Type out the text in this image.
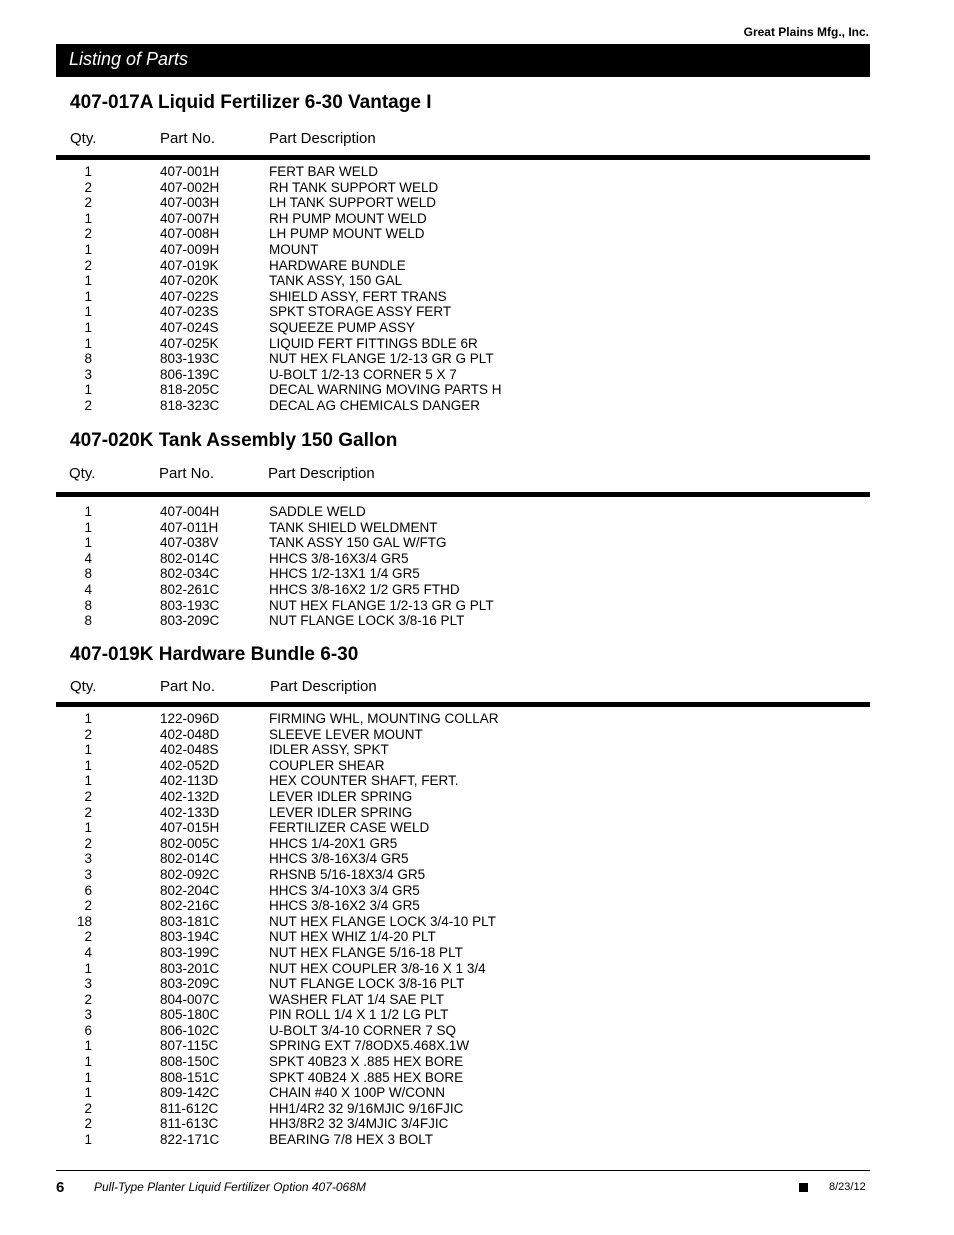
Great Plains Mfg., Inc.
Listing of Parts
407-017A Liquid Fertilizer 6-30 Vantage I
Qty.	Part No.	Part Description
1	407-001H	FERT BAR WELD
2	407-002H	RH TANK SUPPORT WELD
2	407-003H	LH TANK SUPPORT WELD
1	407-007H	RH PUMP MOUNT WELD
2	407-008H	LH PUMP MOUNT WELD
1	407-009H	MOUNT
2	407-019K	HARDWARE BUNDLE
1	407-020K	TANK ASSY, 150 GAL
1	407-022S	SHIELD ASSY, FERT TRANS
1	407-023S	SPKT STORAGE ASSY FERT
1	407-024S	SQUEEZE PUMP ASSY
1	407-025K	LIQUID FERT FITTINGS BDLE 6R
8	803-193C	NUT HEX FLANGE 1/2-13 GR G PLT
3	806-139C	U-BOLT 1/2-13 CORNER 5 X 7
1	818-205C	DECAL WARNING MOVING PARTS H
2	818-323C	DECAL AG CHEMICALS DANGER
407-020K Tank Assembly 150 Gallon
Qty.	Part No.	Part Description
1	407-004H	SADDLE WELD
1	407-011H	TANK SHIELD WELDMENT
1	407-038V	TANK ASSY 150 GAL W/FTG
4	802-014C	HHCS 3/8-16X3/4 GR5
8	802-034C	HHCS 1/2-13X1 1/4 GR5
4	802-261C	HHCS 3/8-16X2 1/2 GR5 FTHD
8	803-193C	NUT HEX FLANGE 1/2-13 GR G PLT
8	803-209C	NUT FLANGE LOCK 3/8-16 PLT
407-019K Hardware Bundle 6-30
Qty.	Part No.	Part Description
1	122-096D	FIRMING WHL, MOUNTING COLLAR
2	402-048D	SLEEVE LEVER MOUNT
1	402-048S	IDLER ASSY, SPKT
1	402-052D	COUPLER SHEAR
1	402-113D	HEX COUNTER SHAFT, FERT.
2	402-132D	LEVER IDLER SPRING
2	402-133D	LEVER IDLER SPRING
1	407-015H	FERTILIZER CASE WELD
2	802-005C	HHCS 1/4-20X1 GR5
3	802-014C	HHCS 3/8-16X3/4 GR5
3	802-092C	RHSNB 5/16-18X3/4 GR5
6	802-204C	HHCS 3/4-10X3 3/4 GR5
2	802-216C	HHCS 3/8-16X2 3/4 GR5
18	803-181C	NUT HEX FLANGE LOCK 3/4-10 PLT
2	803-194C	NUT HEX WHIZ 1/4-20 PLT
4	803-199C	NUT HEX FLANGE 5/16-18 PLT
1	803-201C	NUT HEX COUPLER 3/8-16 X 1 3/4
3	803-209C	NUT FLANGE LOCK 3/8-16 PLT
2	804-007C	WASHER FLAT 1/4 SAE PLT
3	805-180C	PIN ROLL 1/4 X 1 1/2 LG PLT
6	806-102C	U-BOLT 3/4-10 CORNER 7 SQ
1	807-115C	SPRING EXT 7/8ODX5.468X.1W
1	808-150C	SPKT 40B23 X .885 HEX BORE
1	808-151C	SPKT 40B24 X .885 HEX BORE
1	809-142C	CHAIN #40 X 100P W/CONN
2	811-612C	HH1/4R2 32 9/16MJIC 9/16FJIC
2	811-613C	HH3/8R2 32 3/4MJIC 3/4FJIC
1	822-171C	BEARING 7/8 HEX 3 BOLT
6 Pull-Type Planter Liquid Fertilizer Option 407-068M	8/23/12
